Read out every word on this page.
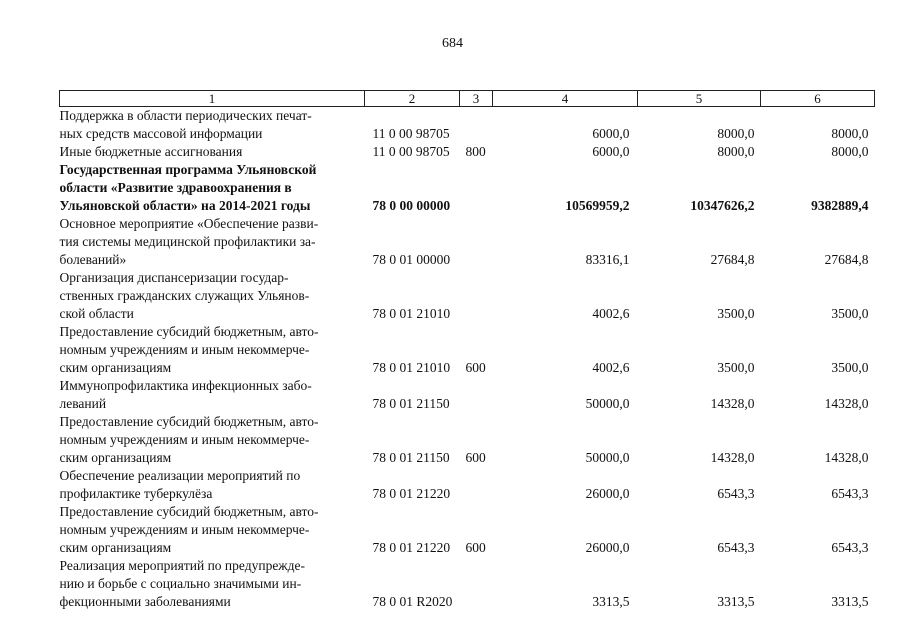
684
1	2	3	4	5	6

Поддержка в области периодических печат-
ных средств массовой информации	11 0 00 98705		6000,0	8000,0	8000,0

Иные бюджетные ассигнования	11 0 00 98705	800	6000,0	8000,0	8000,0

Государственная программа Ульяновской
области «Развитие здравоохранения в
Ульяновской области» на 2014-2021 годы	78 0 00 00000		10569959,2	10347626,2	9382889,4

Основное мероприятие «Обеспечение разви-
тия системы медицинской профилактики за-
болеваний»	78 0 01 00000		83316,1	27684,8	27684,8

Организация диспансеризации государ-
ственных гражданских служащих Ульянов-
ской области	78 0 01 21010		4002,6	3500,0	3500,0

Предоставление субсидий бюджетным, авто-
номным учреждениям и иным некоммерче-
ским организациям	78 0 01 21010	600	4002,6	3500,0	3500,0

Иммунопрофилактика инфекционных забо-
леваний	78 0 01 21150		50000,0	14328,0	14328,0

Предоставление субсидий бюджетным, авто-
номным учреждениям и иным некоммерче-
ским организациям	78 0 01 21150	600	50000,0	14328,0	14328,0

Обеспечение реализации мероприятий по
профилактике туберкулёза	78 0 01 21220		26000,0	6543,3	6543,3

Предоставление субсидий бюджетным, авто-
номным учреждениям и иным некоммерче-
ским организациям	78 0 01 21220	600	26000,0	6543,3	6543,3

Реализация мероприятий по предупрежде-
нию и борьбе с социально значимыми ин-
фекционными заболеваниями	78 0 01 R2020		3313,5	3313,5	3313,5
